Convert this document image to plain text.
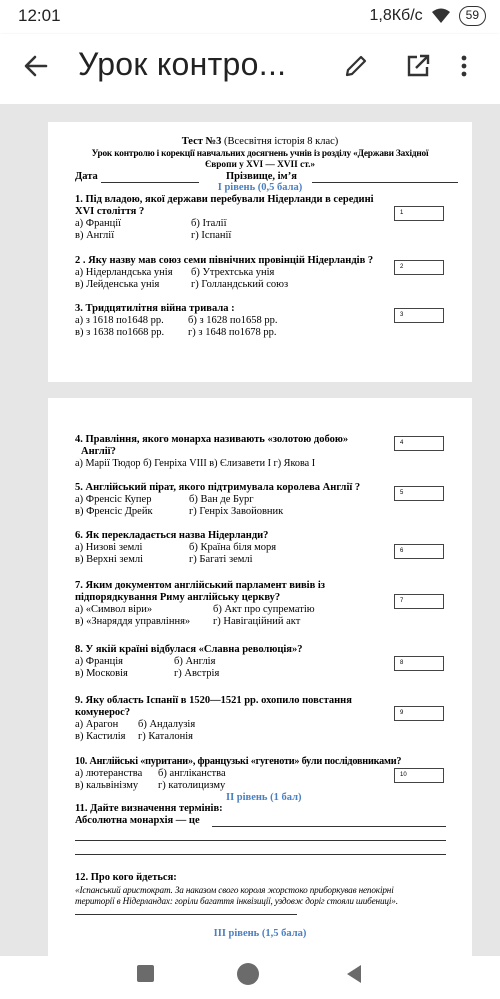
12:01	1,8Кб/с	59
Урок контро...
Тест №3 (Всесвітня історія 8 клас)
Урок контролю і корекції навчальних досягнень учнів із розділу «Держави Західної
Європи у XVI — XVII ст.»
Дата	Прізвище, ім’я
І рівень (0,5 бала)
1. Під владою, якої держави перебували Нідерланди в середині
XVI століття ?
а) Франції	б) Італії
в) Англії	г) Іспанії
1
2 . Яку назву мав союз семи північних провінцій Нідерландів ?
а) Нідерландська унія б) Утрехтська унія
в) Лейденська унія	г) Голландський союз
2
3. Тридцятилітня війна тривала :
а) з 1618 по1648 рр. б) з 1628 по1658 рр.
в) з 1638 по1668 рр. г) з 1648 по1678 рр.
3
4. Правління, якого монарха називають «золотою добою»
Англії?
а) Марії Тюдор б) Генріха VIII в) Єлизавети І г) Якова І
4
5. Англійський пірат, якого підтримувала королева Англії ?
а) Френсіс Купер	б) Ван де Бург
в) Френсіс Дрейк	г) Генріх Завойовник
5
6. Як перекладається назва Нідерланди?
а) Низові землі	б) Країна біля моря
в) Верхні землі	г) Багаті землі
6
7. Яким документом англійський парламент вивів із
підпорядкування Риму англійську церкву?
а) «Символ віри»	б) Акт про супрематію
в) «Знаряддя управління» г) Навігаційний акт
7
8. У якій країні відбулася «Славна революція»?
а) Франція	б) Англія
в) Московія	г) Австрія
8
9. Яку область Іспанії в 1520—1521 рр. охопило повстання
комунерос?
а) Арагон б) Андалузія
в) Кастилія г) Каталонія
9
10. Англійські «пуритани», французькі «гугеноти» були послідовниками?
а) лютеранства б) англіканства
в) кальвінізму г) католицизму
10
ІІ рівень (1 бал)
11. Дайте визначення термінів:
Абсолютна монархія — це
12. Про кого йдеться:
«Іспанський аристократ. За наказом свого короля жорстоко приборкував непокірні
території в Нідерландах: горіли багаття інквізиції, уздовж доріг стояли шибениці».
ІІІ рівень (1,5 бала)
